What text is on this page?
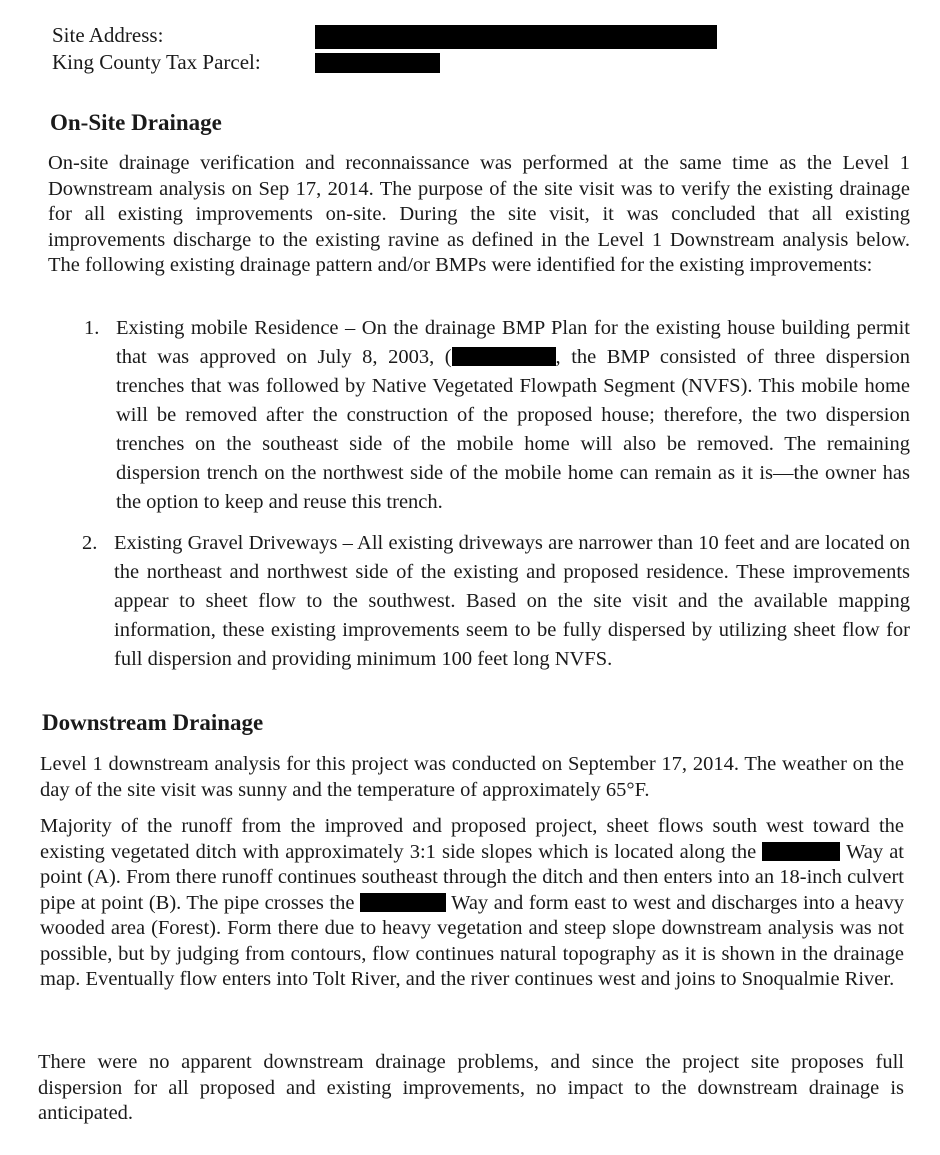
Site Address:
King County Tax Parcel:
On-Site Drainage
On-site drainage verification and reconnaissance was performed at the same time as the Level 1 Downstream analysis on Sep 17, 2014. The purpose of the site visit was to verify the existing drainage for all existing improvements on-site. During the site visit, it was concluded that all existing improvements discharge to the existing ravine as defined in the Level 1 Downstream analysis below. The following existing drainage pattern and/or BMPs were identified for the existing improvements:
1. Existing mobile Residence – On the drainage BMP Plan for the existing house building permit that was approved on July 8, 2003, (	, the BMP consisted of three dispersion trenches that was followed by Native Vegetated Flowpath Segment (NVFS). This mobile home will be removed after the construction of the proposed house; therefore, the two dispersion trenches on the southeast side of the mobile home will also be removed. The remaining dispersion trench on the northwest side of the mobile home can remain as it is—the owner has the option to keep and reuse this trench.
2. Existing Gravel Driveways – All existing driveways are narrower than 10 feet and are located on the northeast and northwest side of the existing and proposed residence. These improvements appear to sheet flow to the southwest. Based on the site visit and the available mapping information, these existing improvements seem to be fully dispersed by utilizing sheet flow for full dispersion and providing minimum 100 feet long NVFS.
Downstream Drainage
Level 1 downstream analysis for this project was conducted on September 17, 2014. The weather on the day of the site visit was sunny and the temperature of approximately 65°F.
Majority of the runoff from the improved and proposed project, sheet flows south west toward the existing vegetated ditch with approximately 3:1 side slopes which is located along the	Way at point (A). From there runoff continues southeast through the ditch and then enters into an 18-inch culvert pipe at point (B). The pipe crosses the	Way and form east to west and discharges into a heavy wooded area (Forest). Form there due to heavy vegetation and steep slope downstream analysis was not possible, but by judging from contours, flow continues natural topography as it is shown in the drainage map. Eventually flow enters into Tolt River, and the river continues west and joins to Snoqualmie River.
There were no apparent downstream drainage problems, and since the project site proposes full dispersion for all proposed and existing improvements, no impact to the downstream drainage is anticipated.
